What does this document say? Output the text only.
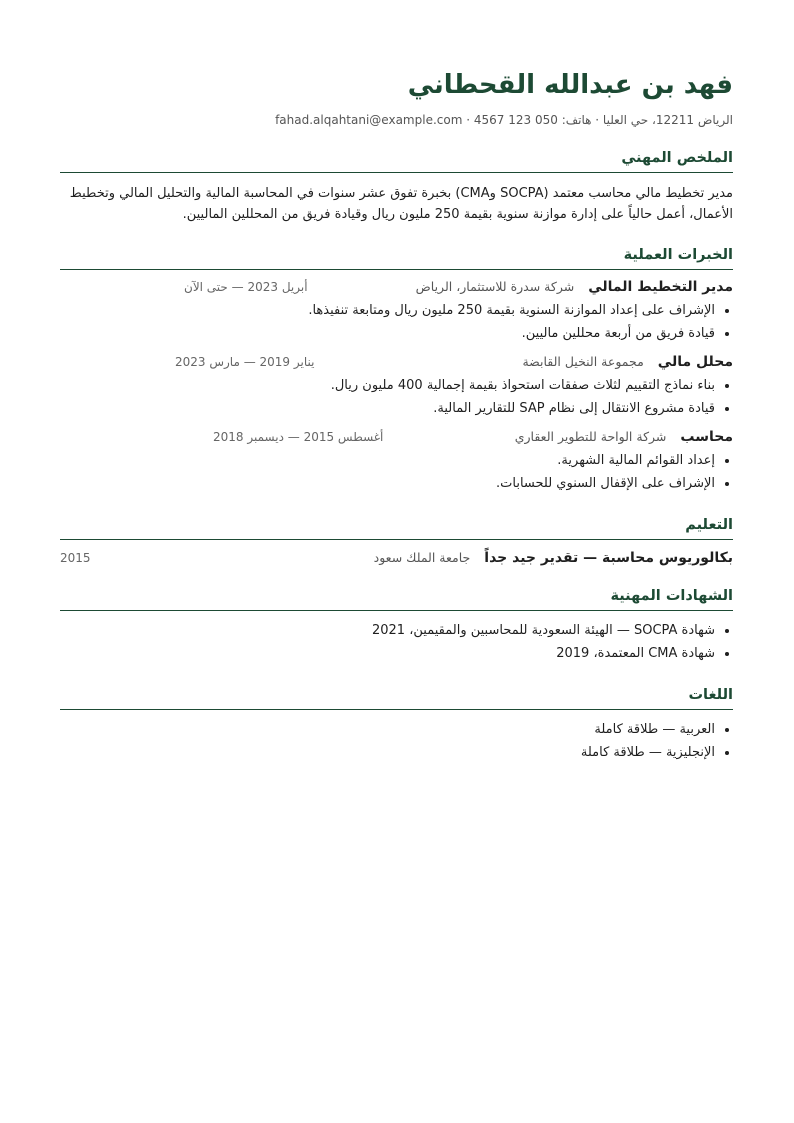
فهد بن عبدالله القحطاني
الرياض 12211، حي العليا · هاتف: 050 123 4567 · fahad.alqahtani@example.com
الملخص المهني

مدير تخطيط مالي محاسب معتمد (SOCPA وCMA) بخبرة تفوق عشر سنوات في المحاسبة المالية والتحليل المالي وتخطيط الأعمال، أعمل حالياً على إدارة موازنة سنوية بقيمة 250 مليون ريال وقيادة فريق من المحللين الماليين.

الخبرات العملية
مدير التخطيط المالي
شركة سدرة للاستثمار، الرياض
أبريل 2023 — حتى الآن
• الإشراف على إعداد الموازنة السنوية بقيمة 250 مليون ريال ومتابعة تنفيذها.
• قيادة فريق من أربعة محللين ماليين.
محلل مالي
مجموعة النخيل القابضة
يناير 2019 — مارس 2023
• بناء نماذج التقييم لثلاث صفقات استحواذ بقيمة إجمالية 400 مليون ريال.
• قيادة مشروع الانتقال إلى نظام SAP للتقارير المالية.
محاسب
شركة الواحة للتطوير العقاري
أغسطس 2015 — ديسمبر 2018
• إعداد القوائم المالية الشهرية.
• الإشراف على الإقفال السنوي للحسابات.
التعليم
بكالوريوس محاسبة — تقدير جيد جداً
جامعة الملك سعود
2015
الشهادات المهنية
• شهادة SOCPA — الهيئة السعودية للمحاسبين والمقيمين، 2021
• شهادة CMA المعتمدة، 2019
اللغات
• العربية — طلاقة كاملة
• الإنجليزية — طلاقة كاملة
